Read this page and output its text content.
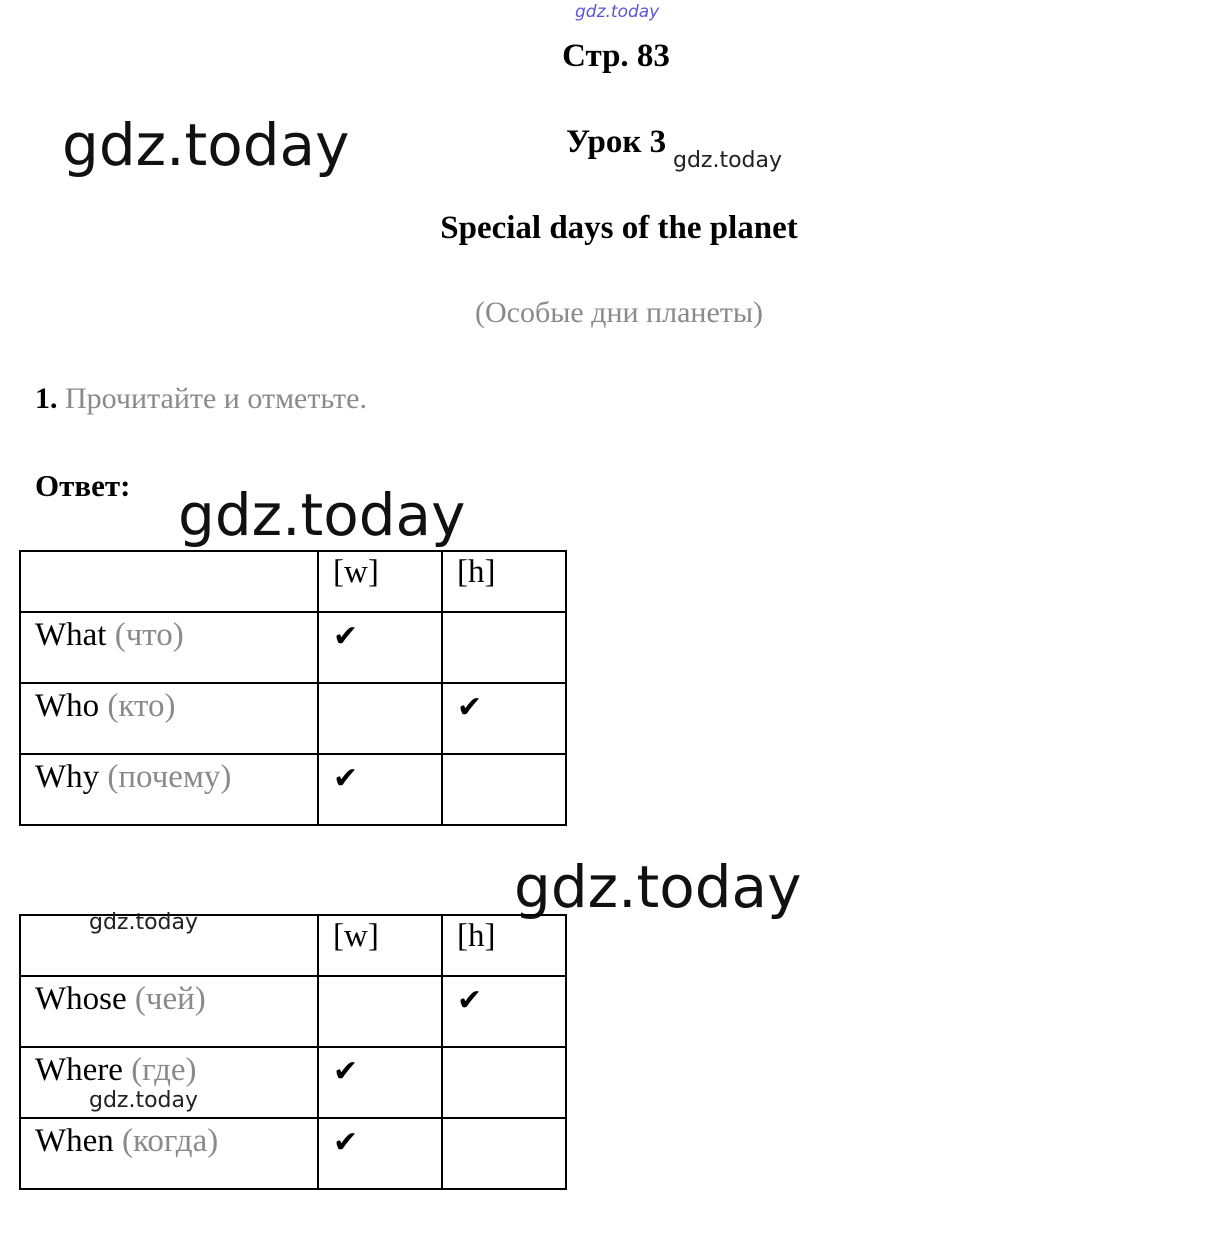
gdz.today
gdz.today
gdz.today
gdz.today
gdz.today
Стр. 83
Урок 3
Special days of the planet
(Особые дни планеты)
1. Прочитайте и отметьте.
Ответ:

	[w]	[h]

What (что)	✔	

Who (кто)		✔

Why (почему)	✔	

gdz.today	[w]	[h]

Whose (чей)		✔

Where (где)
gdz.today	✔	

When (когда)	✔	
